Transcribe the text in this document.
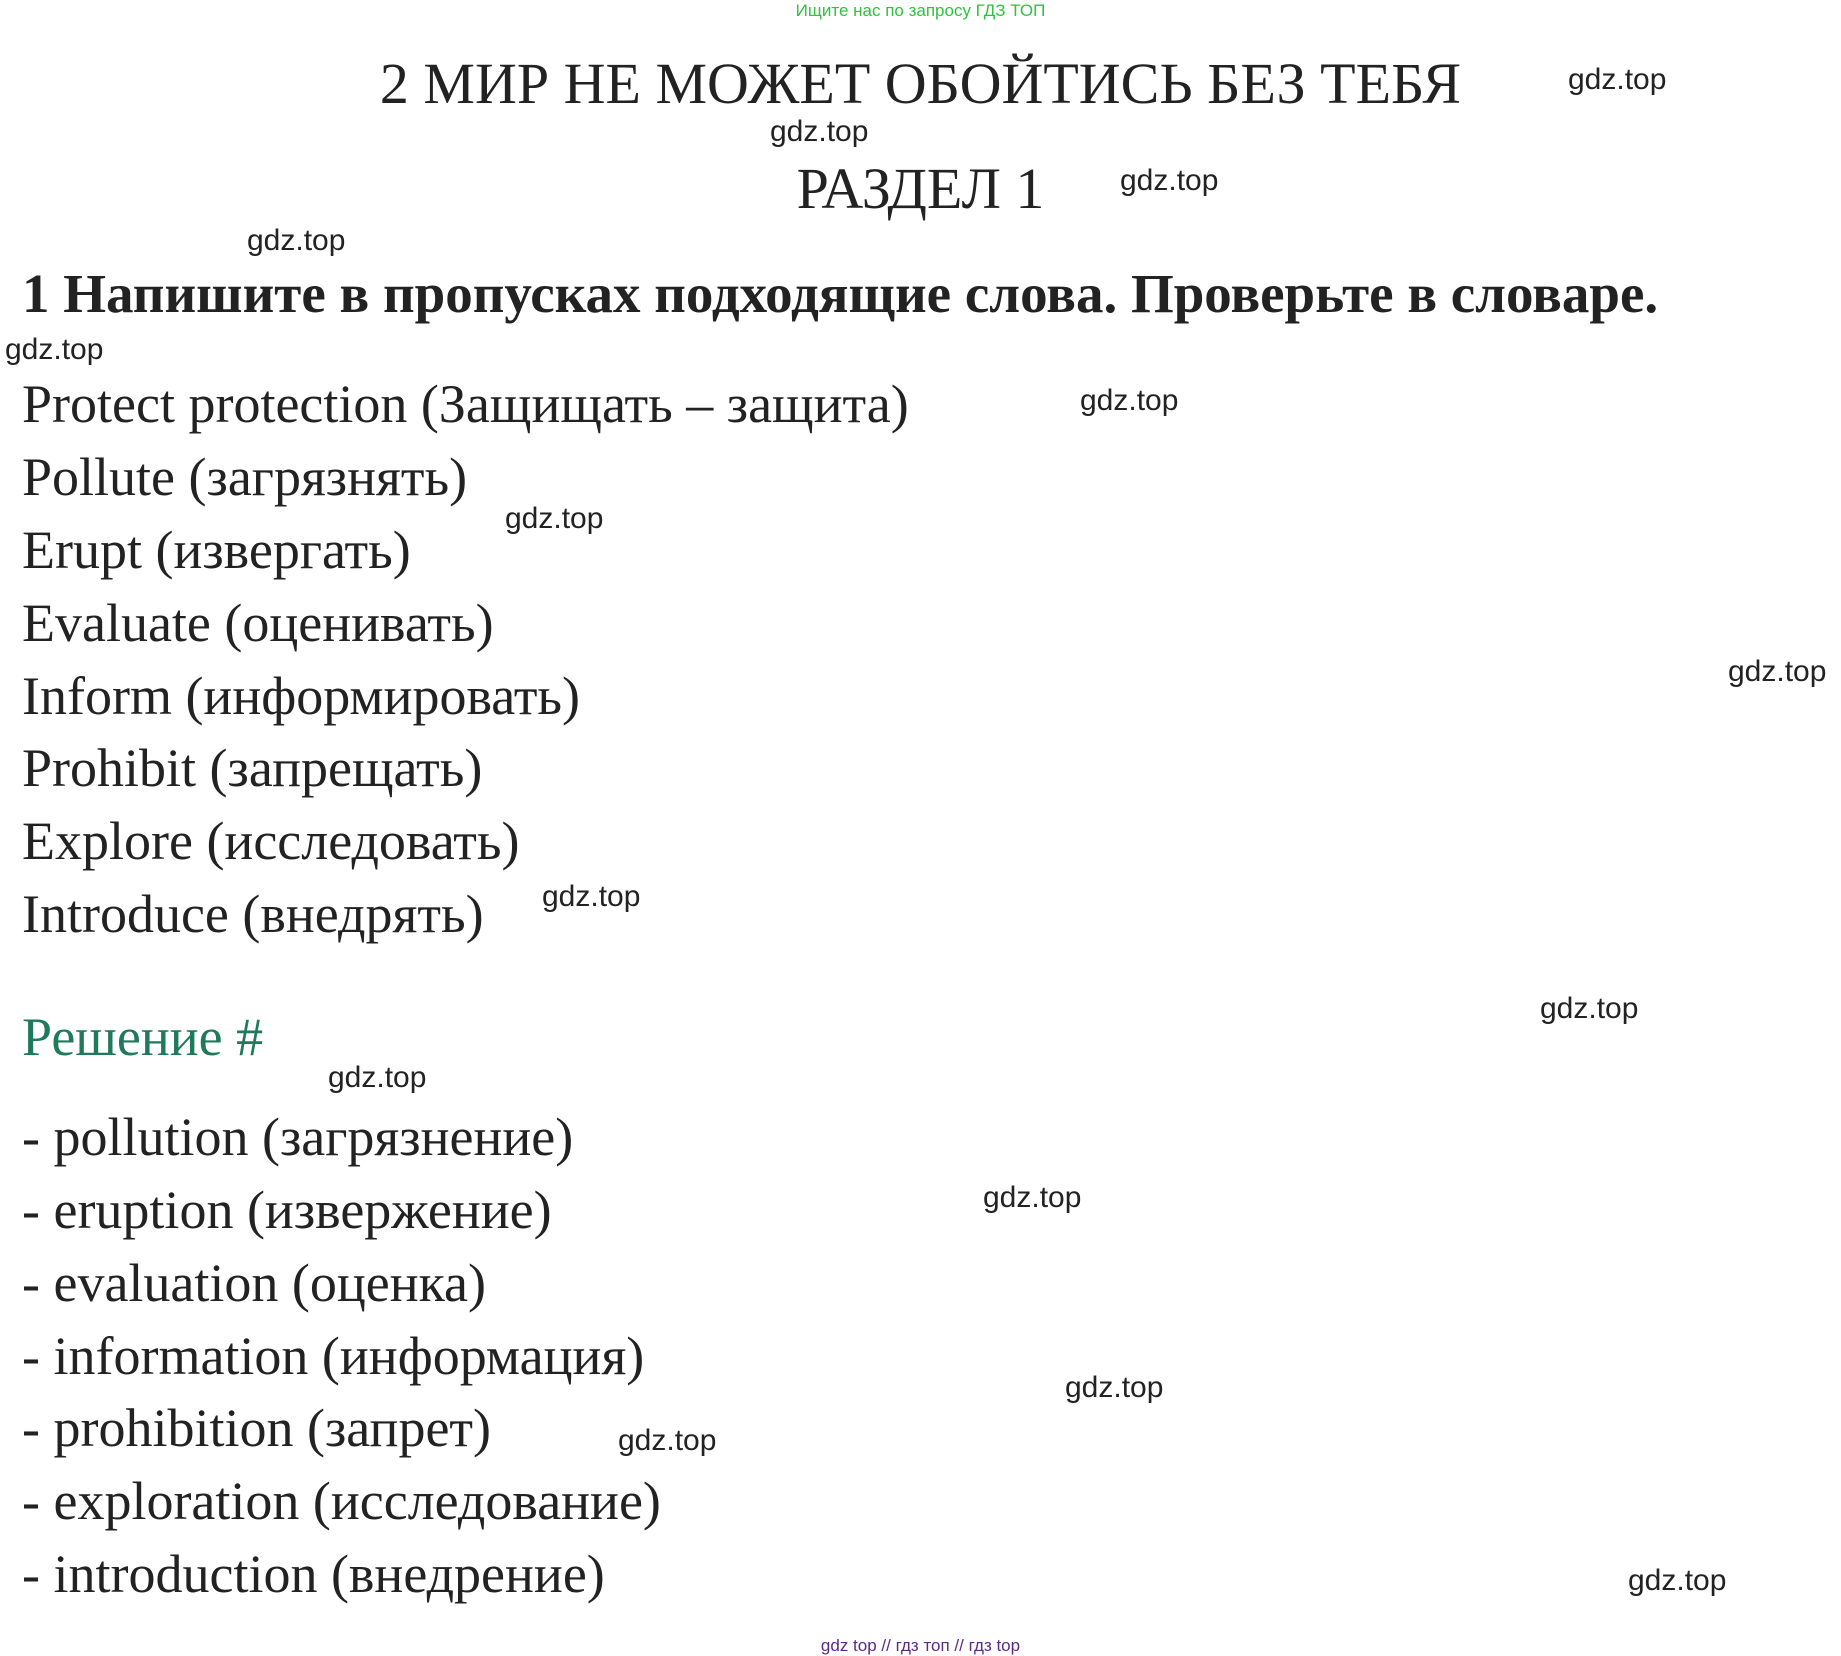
Ищите нас по запросу ГДЗ ТОП
2 МИР НЕ МОЖЕТ ОБОЙТИСЬ БЕЗ ТЕБЯ
РАЗДЕЛ 1
1 Напишите в пропусках подходящие слова. Проверьте в словаре.
Protect protection (Защищать – защита)
Pollute (загрязнять)
Erupt (извергать)
Evaluate (оценивать)
Inform (информировать)
Prohibit (запрещать)
Explore (исследовать)
Introduce (внедрять)
Решение #
- pollution (загрязнение)
- eruption (извержение)
- evaluation (оценка)
- information (информация)
- prohibition (запрет)
- exploration (исследование)
- introduction (внедрение)
gdz.top
gdz.top
gdz.top
gdz.top
gdz.top
gdz.top
gdz.top
gdz.top
gdz.top
gdz.top
gdz.top
gdz.top
gdz.top
gdz.top
gdz.top
gdz top // гдз топ // гдз top
